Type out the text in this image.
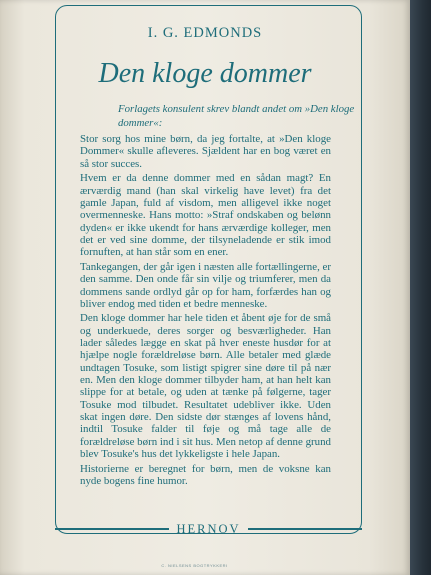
I. G. EDMONDS
Den kloge dommer
Forlagets konsulent skrev blandt andet om »Den kloge dommer«:

Stor sorg hos mine børn, da jeg fortalte, at »Den kloge Dommer« skulle afleveres. Sjældent har en bog været en så stor succes.

Hvem er da denne dommer med en sådan magt? En ærværdig mand (han skal virkelig have levet) fra det gamle Japan, fuld af visdom, men alligevel ikke noget overmenneske. Hans motto: »Straf ondskaben og belønn dyden« er ikke ukendt for hans ærværdige kolleger, men det er ved sine domme, der tilsyneladende er stik imod fornuften, at han står som en ener.

Tankegangen, der går igen i næsten alle fortællingerne, er den samme. Den onde får sin vilje og triumferer, men da dommens sande ordlyd går op for ham, forfærdes han og bliver endog med tiden et bedre menneske.

Den kloge dommer har hele tiden et åbent øje for de små og underkuede, deres sorger og besværligheder. Han lader således lægge en skat på hver eneste husdør for at hjælpe nogle forældreløse børn. Alle betaler med glæde undtagen Tosuke, som listigt spigrer sine døre til på nær en. Men den kloge dommer tilbyder ham, at han helt kan slippe for at betale, og uden at tænke på følgerne, tager Tosuke mod tilbudet. Resultatet udebliver ikke. Uden skat ingen døre. Den sidste dør stænges af lovens hånd, indtil Tosuke falder til føje og må tage alle de forældreløse børn ind i sit hus. Men netop af denne grund blev Tosuke's hus det lykkeligste i hele Japan.

Historierne er beregnet for børn, men de voksne kan nyde bogens fine humor.

HERNOV
C. NIELSENS BOGTRYKKERI
